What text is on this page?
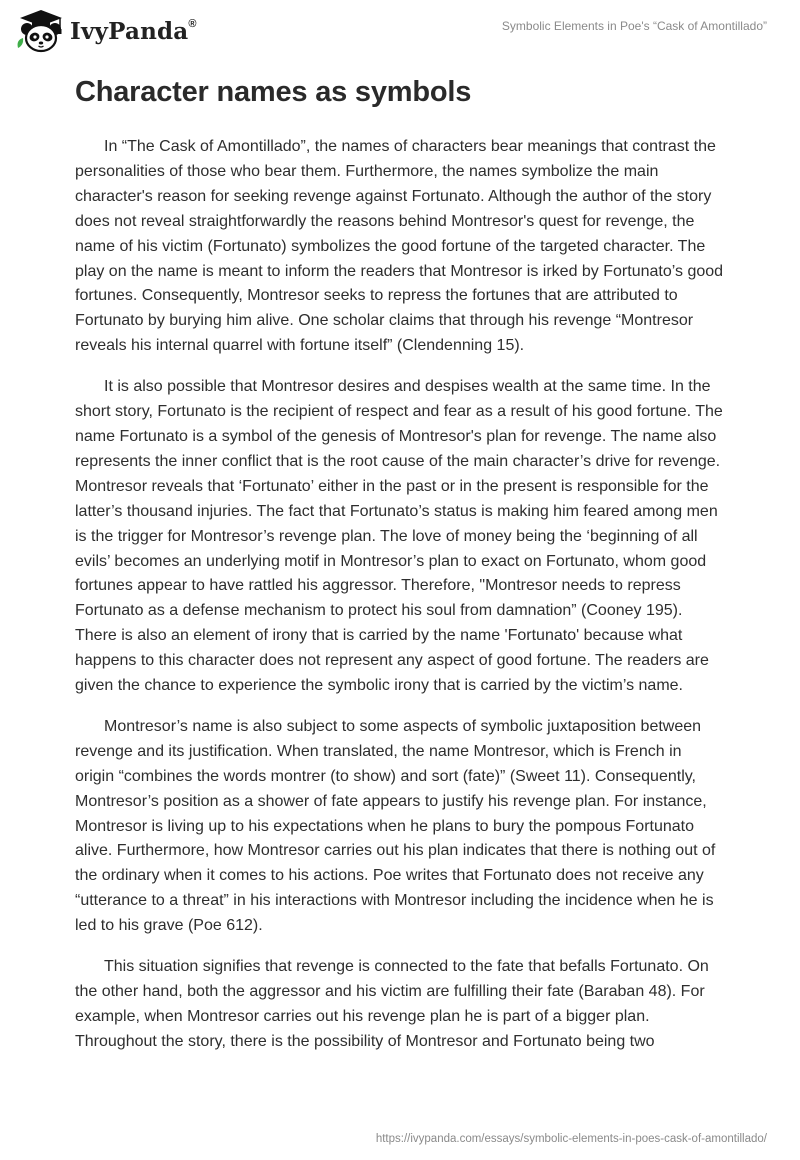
IvyPanda®	Symbolic Elements in Poe's “Cask of Amontillado”
Character names as symbols

In “The Cask of Amontillado”, the names of characters bear meanings that contrast the personalities of those who bear them. Furthermore, the names symbolize the main character's reason for seeking revenge against Fortunato. Although the author of the story does not reveal straightforwardly the reasons behind Montresor's quest for revenge, the name of his victim (Fortunato) symbolizes the good fortune of the targeted character. The play on the name is meant to inform the readers that Montresor is irked by Fortunato’s good fortunes. Consequently, Montresor seeks to repress the fortunes that are attributed to Fortunato by burying him alive. One scholar claims that through his revenge “Montresor reveals his internal quarrel with fortune itself” (Clendenning 15).

It is also possible that Montresor desires and despises wealth at the same time. In the short story, Fortunato is the recipient of respect and fear as a result of his good fortune. The name Fortunato is a symbol of the genesis of Montresor's plan for revenge. The name also represents the inner conflict that is the root cause of the main character’s drive for revenge. Montresor reveals that ‘Fortunato’ either in the past or in the present is responsible for the latter’s thousand injuries. The fact that Fortunato’s status is making him feared among men is the trigger for Montresor’s revenge plan. The love of money being the ‘beginning of all evils’ becomes an underlying motif in Montresor’s plan to exact on Fortunato, whom good fortunes appear to have rattled his aggressor. Therefore, "Montresor needs to repress Fortunato as a defense mechanism to protect his soul from damnation” (Cooney 195). There is also an element of irony that is carried by the name 'Fortunato' because what happens to this character does not represent any aspect of good fortune. The readers are given the chance to experience the symbolic irony that is carried by the victim’s name.

Montresor’s name is also subject to some aspects of symbolic juxtaposition between revenge and its justification. When translated, the name Montresor, which is French in origin “combines the words montrer (to show) and sort (fate)” (Sweet 11). Consequently, Montresor’s position as a shower of fate appears to justify his revenge plan. For instance, Montresor is living up to his expectations when he plans to bury the pompous Fortunato alive. Furthermore, how Montresor carries out his plan indicates that there is nothing out of the ordinary when it comes to his actions. Poe writes that Fortunato does not receive any “utterance to a threat” in his interactions with Montresor including the incidence when he is led to his grave (Poe 612).

This situation signifies that revenge is connected to the fate that befalls Fortunato. On the other hand, both the aggressor and his victim are fulfilling their fate (Baraban 48). For example, when Montresor carries out his revenge plan he is part of a bigger plan. Throughout the story, there is the possibility of Montresor and Fortunato being two

https://ivypanda.com/essays/symbolic-elements-in-poes-cask-of-amontillado/
